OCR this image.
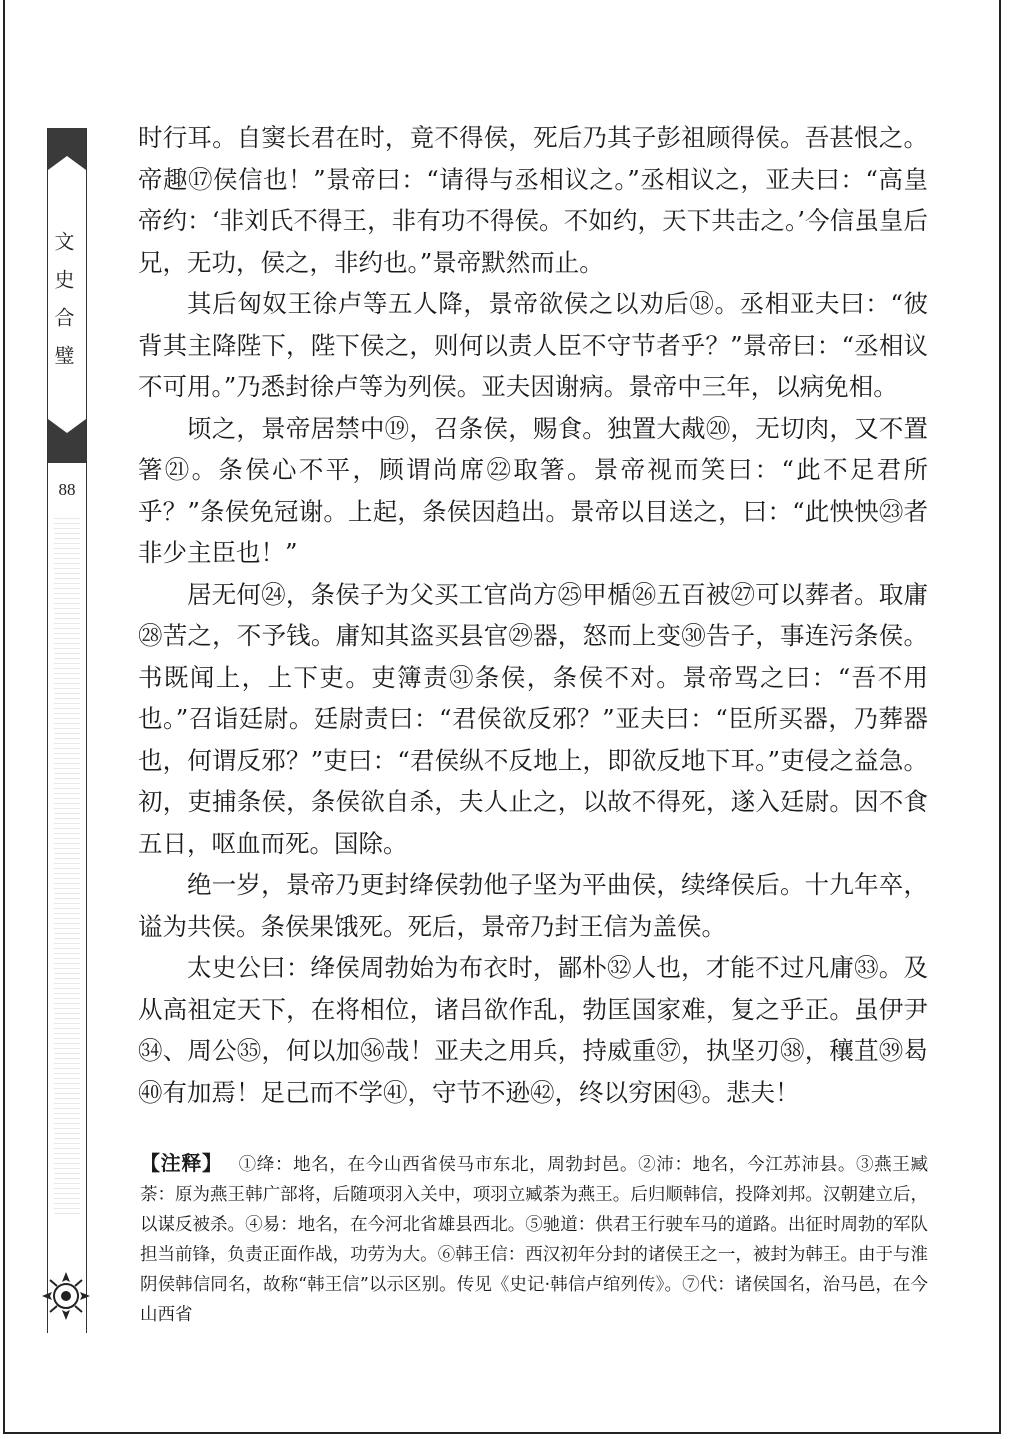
文史合璧
88

时行耳。自窦长君在时，竟不得侯，死后乃其子彭祖顾得侯。吾甚恨之。帝趣⑰侯信也！”景帝曰：“请得与丞相议之。”丞相议之，亚夫曰：“高皇帝约：‘非刘氏不得王，非有功不得侯。不如约，天下共击之。’今信虽皇后兄，无功，侯之，非约也。”景帝默然而止。

其后匈奴王徐卢等五人降，景帝欲侯之以劝后⑱。丞相亚夫曰：“彼背其主降陛下，陛下侯之，则何以责人臣不守节者乎？”景帝曰：“丞相议不可用。”乃悉封徐卢等为列侯。亚夫因谢病。景帝中三年，以病免相。

顷之，景帝居禁中⑲，召条侯，赐食。独置大胾⑳，无切肉，又不置箸㉑。条侯心不平，顾谓尚席㉒取箸。景帝视而笑曰：“此不足君所乎？”条侯免冠谢。上起，条侯因趋出。景帝以目送之，曰：“此怏怏㉓者非少主臣也！”

居无何㉔，条侯子为父买工官尚方㉕甲楯㉖五百被㉗可以葬者。取庸㉘苦之，不予钱。庸知其盗买县官㉙器，怒而上变㉚告子，事连污条侯。书既闻上，上下吏。吏簿责㉛条侯，条侯不对。景帝骂之曰：“吾不用也。”召诣廷尉。廷尉责曰：“君侯欲反邪？”亚夫曰：“臣所买器，乃葬器也，何谓反邪？”吏曰：“君侯纵不反地上，即欲反地下耳。”吏侵之益急。初，吏捕条侯，条侯欲自杀，夫人止之，以故不得死，遂入廷尉。因不食五日，呕血而死。国除。

绝一岁，景帝乃更封绛侯勃他子坚为平曲侯，续绛侯后。十九年卒，谥为共侯。条侯果饿死。死后，景帝乃封王信为盖侯。

太史公曰：绛侯周勃始为布衣时，鄙朴㉜人也，才能不过凡庸㉝。及从高祖定天下，在将相位，诸吕欲作乱，勃匡国家难，复之乎正。虽伊尹㉞、周公㉟，何以加㊱哉！亚夫之用兵，持威重㊲，执坚刃㊳，穰苴㊴曷㊵有加焉！足己而不学㊶，守节不逊㊷，终以穷困㊸。悲夫！

【注释】 ①绛：地名，在今山西省侯马市东北，周勃封邑。②沛：地名，今江苏沛县。③燕王臧荼：原为燕王韩广部将，后随项羽入关中，项羽立臧荼为燕王。后归顺韩信，投降刘邦。汉朝建立后，以谋反被杀。④易：地名，在今河北省雄县西北。⑤驰道：供君王行驶车马的道路。出征时周勃的军队担当前锋，负责正面作战，功劳为大。⑥韩王信：西汉初年分封的诸侯王之一，被封为韩王。由于与淮阴侯韩信同名，故称“韩王信”以示区别。传见《史记·韩信卢绾列传》。⑦代：诸侯国名，治马邑，在今山西省
